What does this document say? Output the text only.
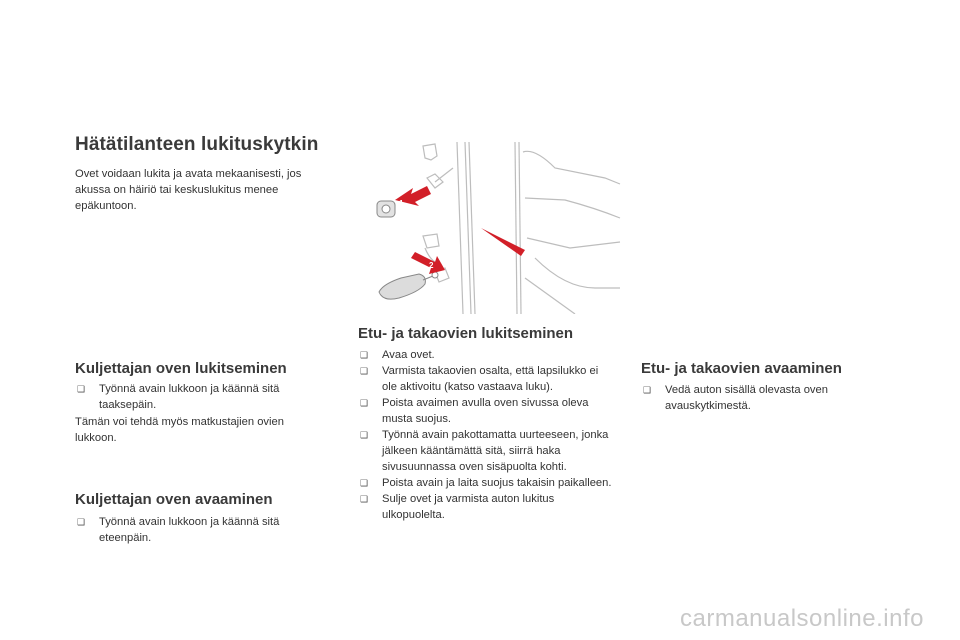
Hätätilanteen lukituskytkin

Ovet voidaan lukita ja avata mekaanisesti, jos akussa on häiriö tai keskuslukitus menee epäkuntoon.	1
2
Kuljettajan oven lukitseminen
❑ Työnnä avain lukkoon ja käännä sitä taaksepäin.

Tämän voi tehdä myös matkustajien ovien lukkoon.

Kuljettajan oven avaaminen
❑ Työnnä avain lukkoon ja käännä sitä eteenpäin.
Etu- ja takaovien lukitseminen
❑ Avaa ovet.
❑ Varmista takaovien osalta, että lapsilukko ei ole aktivoitu (katso vastaava luku).
❑ Poista avaimen avulla oven sivussa oleva musta suojus.
❑ Työnnä avain pakottamatta uurteeseen, jonka jälkeen kääntämättä sitä, siirrä haka sivusuunnassa oven sisäpuolta kohti.
❑ Poista avain ja laita suojus takaisin paikalleen.
❑ Sulje ovet ja varmista auton lukitus ulkopuolelta.
Etu- ja takaovien avaaminen
❑ Vedä auton sisällä olevasta oven avauskytkimestä.
carmanualsonline.info
